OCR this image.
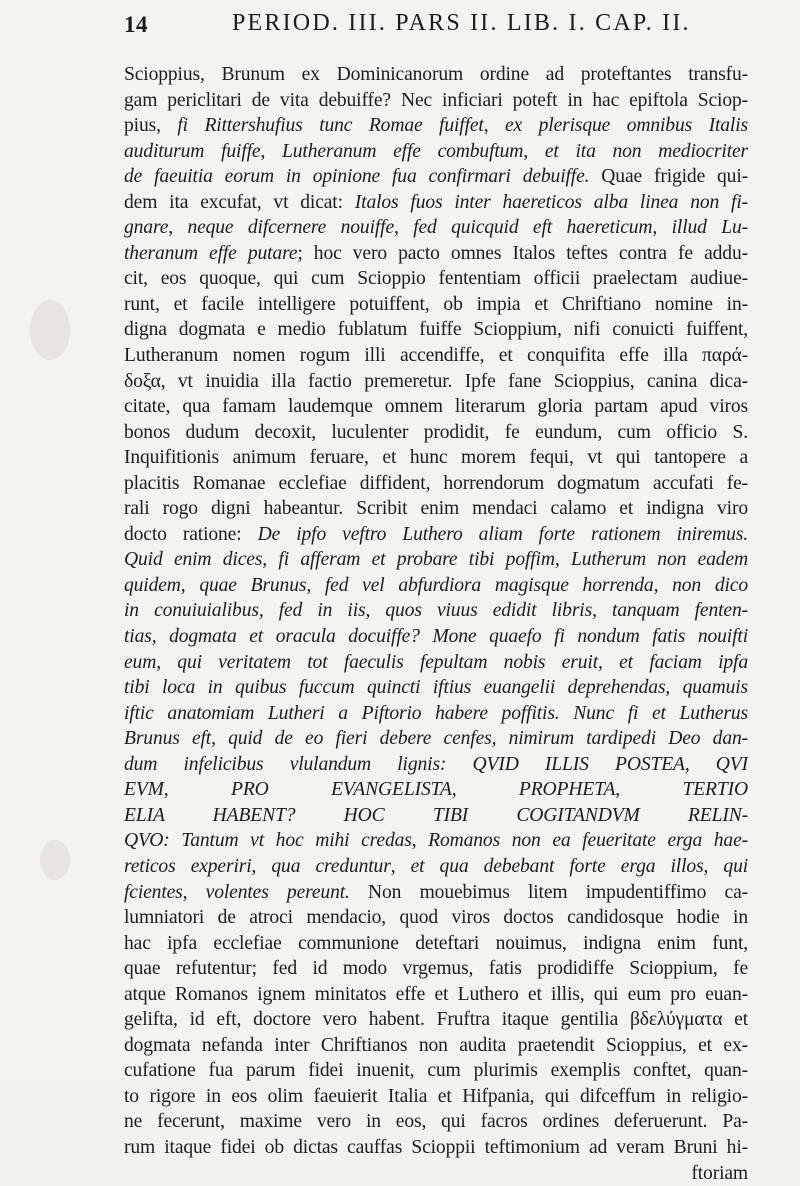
14	PERIOD. III. PARS II. LIB. I. CAP. II.
Scioppius, Brunum ex Dominicanorum ordine ad proteftantes transfu-
gam periclitari de vita debuiffe? Nec inficiari poteft in hac epiftola Sciop-
pius, fi Rittershufius tunc Romae fuiffet, ex plerisque omnibus Italis
auditurum fuiffe, Lutheranum effe combuftum, et ita non mediocriter
de faeuitia eorum in opinione fua confirmari debuiffe. Quae frigide qui-
dem ita excufat, vt dicat: Italos fuos inter haereticos alba linea non fi-
gnare, neque difcernere nouiffe, fed quicquid eft haereticum, illud Lu-
theranum effe putare; hoc vero pacto omnes Italos teftes contra fe addu-
cit, eos quoque, qui cum Scioppio fententiam officii praelectam audiue-
runt, et facile intelligere potuiffent, ob impia et Chriftiano nomine in-
digna dogmata e medio fublatum fuiffe Scioppium, nifi conuicti fuiffent,
Lutheranum nomen rogum illi accendiffe, et conquifita effe illa παρά-
δοξα, vt inuidia illa factio premeretur. Ipfe fane Scioppius, canina dica-
citate, qua famam laudemque omnem literarum gloria partam apud viros
bonos dudum decoxit, luculenter prodidit, fe eundum, cum officio S.
Inquifitionis animum feruare, et hunc morem fequi, vt qui tantopere a
placitis Romanae ecclefiae diffident, horrendorum dogmatum accufati fe-
rali rogo digni habeantur. Scribit enim mendaci calamo et indigna viro
docto ratione: De ipfo veftro Luthero aliam forte rationem iniremus.
Quid enim dices, fi afferam et probare tibi poffim, Lutherum non eadem
quidem, quae Brunus, fed vel abfurdiora magisque horrenda, non dico
in conuiuialibus, fed in iis, quos viuus edidit libris, tanquam fenten-
tias, dogmata et oracula docuiffe? Mone quaefo fi nondum fatis nouifti
eum, qui veritatem tot faeculis fepultam nobis eruit, et faciam ipfa
tibi loca in quibus fuccum quincti iftius euangelii deprehendas, quamuis
iftic anatomiam Lutheri a Piftorio habere poffitis. Nunc fi et Lutherus
Brunus eft, quid de eo fieri debere cenfes, nimirum tardipedi Deo dan-
dum infelicibus vlulandum lignis: QVID ILLIS POSTEA, QVI
EVM, PRO EVANGELISTA, PROPHETA, TERTIO
ELIA HABENT? HOC TIBI COGITANDVM RELIN-
QVO: Tantum vt hoc mihi credas, Romanos non ea feueritate erga hae-
reticos experiri, qua creduntur, et qua debebant forte erga illos, qui
fcientes, volentes pereunt. Non mouebimus litem impudentiffimo ca-
lumniatori de atroci mendacio, quod viros doctos candidosque hodie in
hac ipfa ecclefiae communione deteftari nouimus, indigna enim funt,
quae refutentur; fed id modo vrgemus, fatis prodidiffe Scioppium, fe
atque Romanos ignem minitatos effe et Luthero et illis, qui eum pro euan-
gelifta, id eft, doctore vero habent. Fruftra itaque gentilia βδελύγματα et
dogmata nefanda inter Chriftianos non audita praetendit Scioppius, et ex-
cufatione fua parum fidei inuenit, cum plurimis exemplis conftet, quan-
to rigore in eos olim faeuierit Italia et Hifpania, qui difceffum in religio-
ne fecerunt, maxime vero in eos, qui facros ordines deferuerunt. Pa-
rum itaque fidei ob dictas cauffas Scioppii teftimonium ad veram Bruni hi-
ftoriam
